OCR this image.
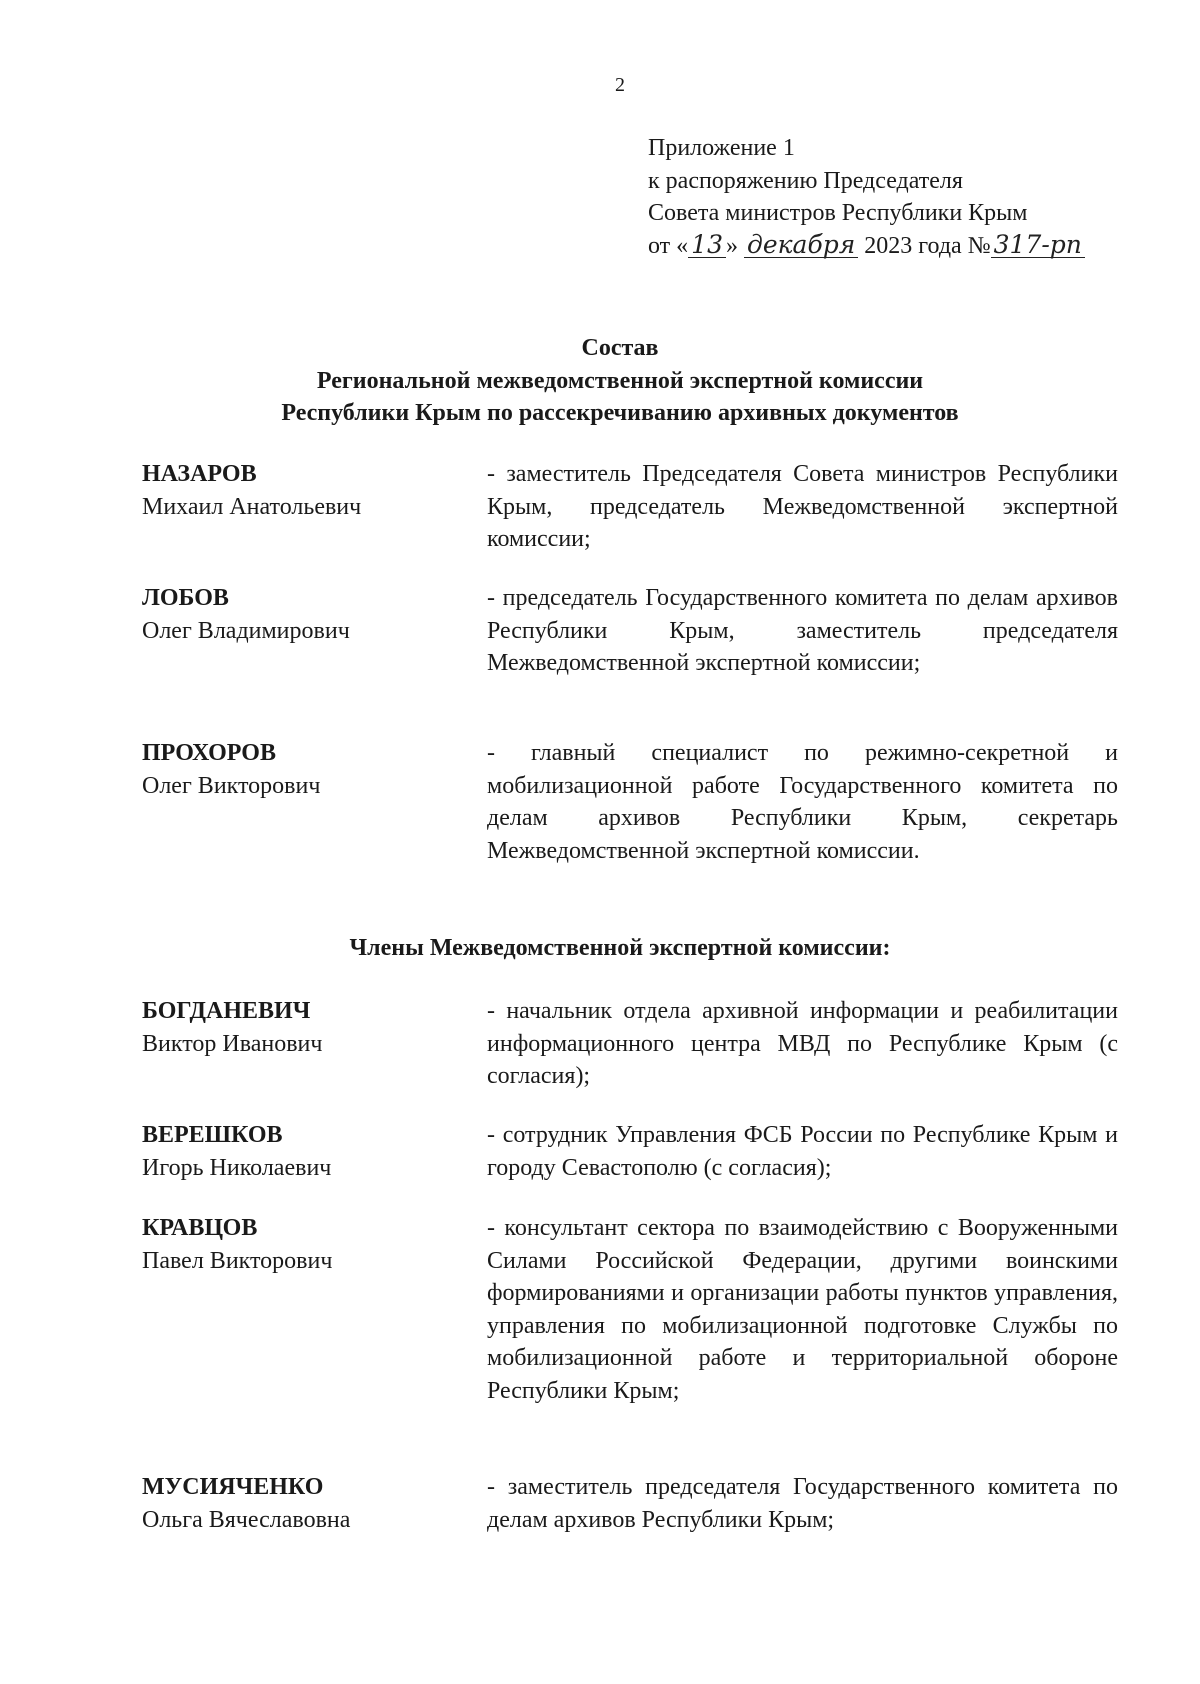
2
Приложение 1
к распоряжению Председателя
Совета министров Республики Крым
от « 13 » декабря 2023 года № 317-рп
Состав
Региональной межведомственной экспертной комиссии
Республики Крым по рассекречиванию архивных документов
НАЗАРОВ
Михаил Анатольевич
- заместитель Председателя Совета министров Республики Крым, председатель Межведомственной экспертной комиссии;
ЛОБОВ
Олег Владимирович
- председатель Государственного комитета по делам архивов Республики Крым, заместитель председателя Межведомственной экспертной комиссии;
ПРОХОРОВ
Олег Викторович
- главный специалист по режимно-секретной и мобилизационной работе Государственного комитета по делам архивов Республики Крым, секретарь Межведомственной экспертной комиссии.
Члены Межведомственной экспертной комиссии:
БОГДАНЕВИЧ
Виктор Иванович
- начальник отдела архивной информации и реабилитации информационного центра МВД по Республике Крым (с согласия);
ВЕРЕШКОВ
Игорь Николаевич
- сотрудник Управления ФСБ России по Республике Крым и городу Севастополю (с согласия);
КРАВЦОВ
Павел Викторович
- консультант сектора по взаимодействию с Вооруженными Силами Российской Федерации, другими воинскими формированиями и организации работы пунктов управления, управления по мобилизационной подготовке Службы по мобилизационной работе и территориальной обороне Республики Крым;
МУСИЯЧЕНКО
Ольга Вячеславовна
- заместитель председателя Государственного комитета по делам архивов Республики Крым;
